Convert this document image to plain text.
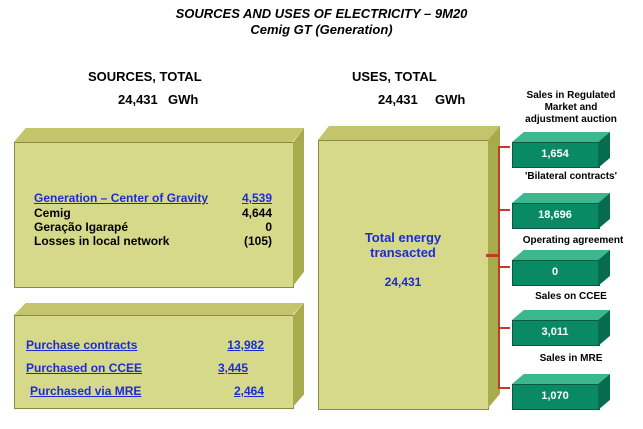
SOURCES AND USES OF ELECTRICITY – 9M20
Cemig GT (Generation)
SOURCES, TOTAL
24,431 GWh
USES, TOTAL
24,431 GWh
Generation – Center of Gravity	4,539
Cemig	4,644
Geração Igarapé	0
Losses in local network	(105)
Purchase contracts	13,982
Purchased on CCEE	3,445
Purchased via MRE	2,464
Total energy
transacted
24,431
Sales in Regulated
Market and
adjustment auction
1,654
'Bilateral contracts'
18,696
Operating agreement
0
Sales on CCEE
3,011
Sales in MRE
1,070
